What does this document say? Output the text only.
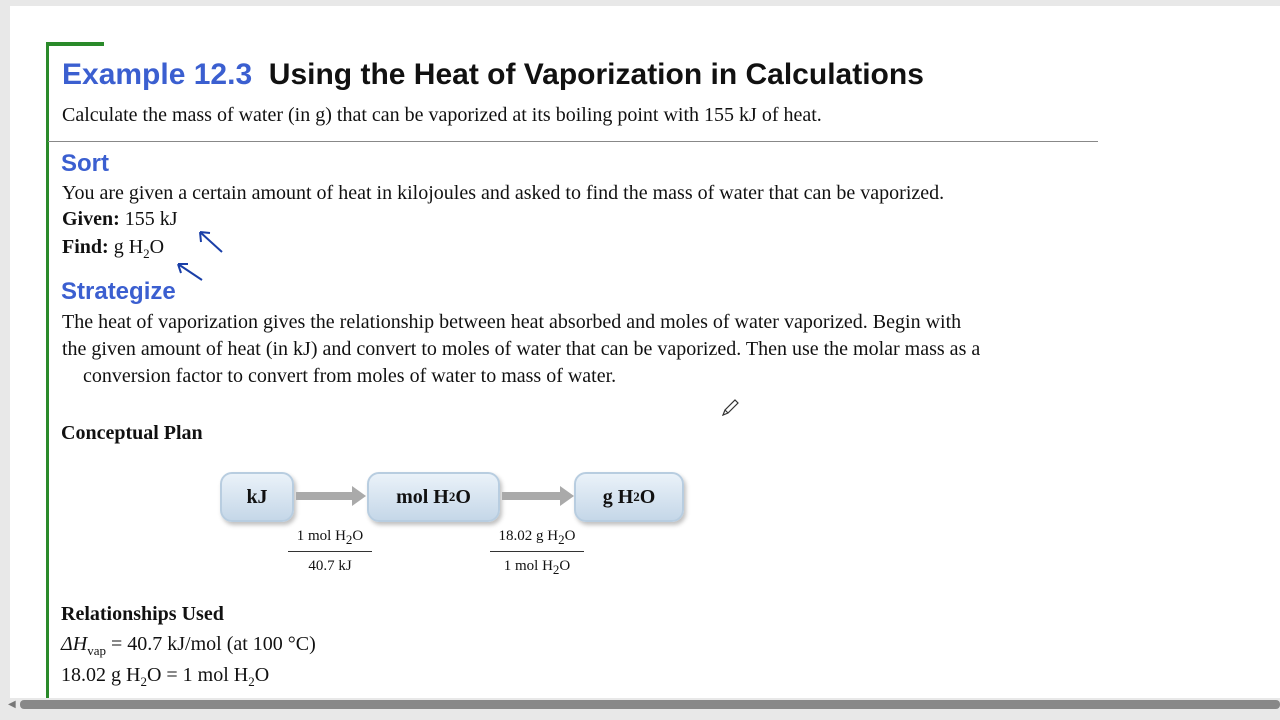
Example 12.3 Using the Heat of Vaporization in Calculations
Calculate the mass of water (in g) that can be vaporized at its boiling point with 155 kJ of heat.
Sort
You are given a certain amount of heat in kilojoules and asked to find the mass of water that can be vaporized.
Given: 155 kJ
Find: g $H_2O$
Strategize
The heat of vaporization gives the relationship between heat absorbed and moles of water vaporized. Begin with
the given amount of heat (in kJ) and convert to moles of water that can be vaporized. Then use the molar mass as a
conversion factor to convert from moles of water to mass of water.
Conceptual Plan
kJ	mol H 2 O	g H 2 O
1 mol $H_2O$
40.7 kJ
18.02 g $H_2O$
1 mol $H_2O$
Relationships Used
$\Delta H_{vap} = 40.7$ kJ/mol (at 100 °C)
18.02 g $H_2O = 1$ mol $H_2O$
◀
